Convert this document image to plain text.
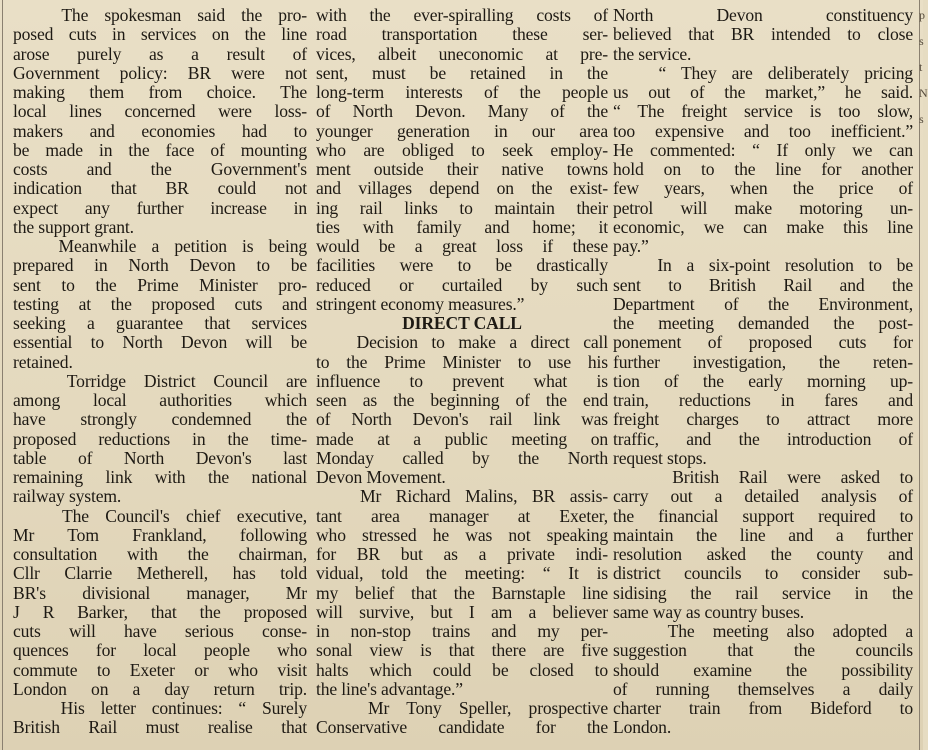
The spokesman said the pro-
posed cuts in services on the line
arose purely as a result of
Government policy: BR were not
making them from choice. The
local lines concerned were loss-
makers and economies had to
be made in the face of mounting
costs and the Government's
indication that BR could not
expect any further increase in
the support grant.
Meanwhile a petition is being
prepared in North Devon to be
sent to the Prime Minister pro-
testing at the proposed cuts and
seeking a guarantee that services
essential to North Devon will be
retained.
Torridge District Council are
among local authorities which
have strongly condemned the
proposed reductions in the time-
table of North Devon's last
remaining link with the national
railway system.
The Council's chief executive,
Mr Tom Frankland, following
consultation with the chairman,
Cllr Clarrie Metherell, has told
BR's divisional manager, Mr
J R Barker, that the proposed
cuts will have serious conse-
quences for local people who
commute to Exeter or who visit
London on a day return trip.
His letter continues: “ Surely
British Rail must realise that
with the ever-spiralling costs of
road transportation these ser-
vices, albeit uneconomic at pre-
sent, must be retained in the
long-term interests of the people
of North Devon. Many of the
younger generation in our area
who are obliged to seek employ-
ment outside their native towns
and villages depend on the exist-
ing rail links to maintain their
ties with family and home; it
would be a great loss if these
facilities were to be drastically
reduced or curtailed by such
stringent economy measures.”
DIRECT CALL
Decision to make a direct call
to the Prime Minister to use his
influence to prevent what is
seen as the beginning of the end
of North Devon's rail link was
made at a public meeting on
Monday called by the North
Devon Movement.
Mr Richard Malins, BR assis-
tant area manager at Exeter,
who stressed he was not speaking
for BR but as a private indi-
vidual, told the meeting: “ It is
my belief that the Barnstaple line
will survive, but I am a believer
in non-stop trains and my per-
sonal view is that there are five
halts which could be closed to
the line's advantage.”
Mr Tony Speller, prospective
Conservative candidate for the
North Devon constituency
believed that BR intended to close
the service.
“ They are deliberately pricing
us out of the market,” he said.
“ The freight service is too slow,
too expensive and too inefficient.”
He commented: “ If only we can
hold on to the line for another
few years, when the price of
petrol will make motoring un-
economic, we can make this line
pay.”
In a six-point resolution to be
sent to British Rail and the
Department of the Environment,
the meeting demanded the post-
ponement of proposed cuts for
further investigation, the reten-
tion of the early morning up-
train, reductions in fares and
freight charges to attract more
traffic, and the introduction of
request stops.
British Rail were asked to
carry out a detailed analysis of
the financial support required to
maintain the line and a further
resolution asked the county and
district councils to consider sub-
sidising the rail service in the
same way as country buses.
The meeting also adopted a
suggestion that the councils
should examine the possibility
of running themselves a daily
charter train from Bideford to
London.
p
s
t
N
s
